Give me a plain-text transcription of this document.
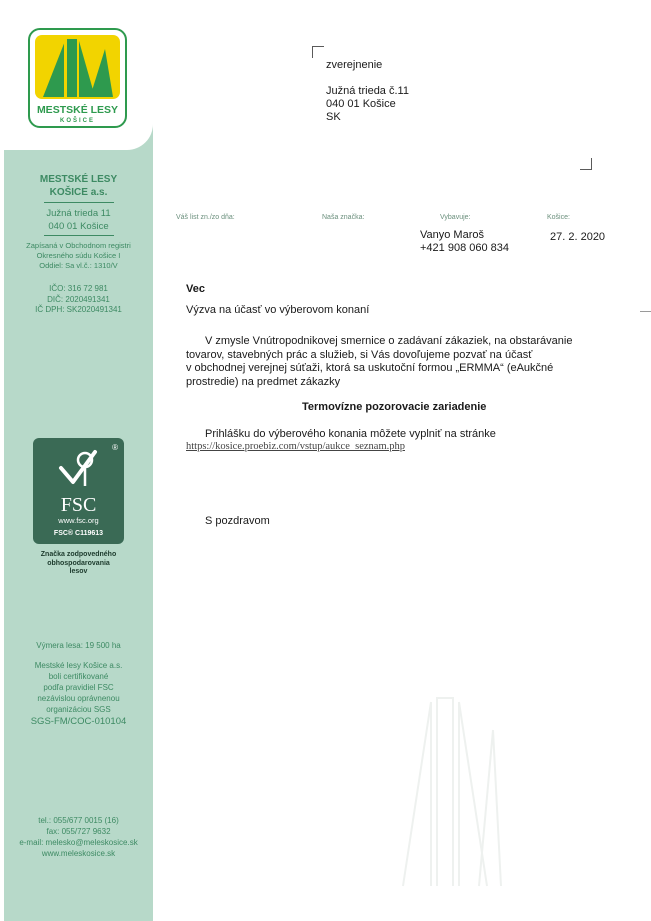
MESTSKÉ LESY
KOŠICE
MESTSKÉ LESY
KOŠICE a.s.
Južná trieda 11
040 01 Košice
Zapísaná v Obchodnom registri
Okresného súdu Košice I
Oddiel: Sa vl.č.: 1310/V
IČO: 316 72 981
DIČ: 2020491341
IČ DPH: SK2020491341
®
FSC
www.fsc.org
FSC® C119613
Značka zodpovedného
obhospodarovania
lesov
Výmera lesa: 19 500 ha
Mestské lesy Košice a.s.
boli certifikované
podľa pravidiel FSC
nezávislou oprávnenou
organizáciou SGS
SGS-FM/COC-010104
tel.: 055/677 0015 (16)
fax: 055/727 9632
e-mail: melesko@meleskosice.sk
www.meleskosice.sk
zverejnenie
Južná trieda č.11
040 01 Košice
SK
Váš list zn./zo dňa:	Naša značka:	Vybavuje:	Košice:
Vanyo Maroš
+421 908 060 834
27. 2. 2020
Vec
Výzva na účasť vo výberovom konaní
V zmysle Vnútropodnikovej smernice o zadávaní zákaziek, na obstarávanie
tovarov, stavebných prác a služieb, si Vás dovoľujeme pozvať na účasť
v obchodnej verejnej súťaži, ktorá sa uskutoční formou „ERMMA“ (eAukčné
prostredie) na predmet zákazky
Termovízne pozorovacie zariadenie
Prihlášku do výberového konania môžete vyplniť na stránke
https://kosice.proebiz.com/vstup/aukce_seznam.php
S pozdravom
